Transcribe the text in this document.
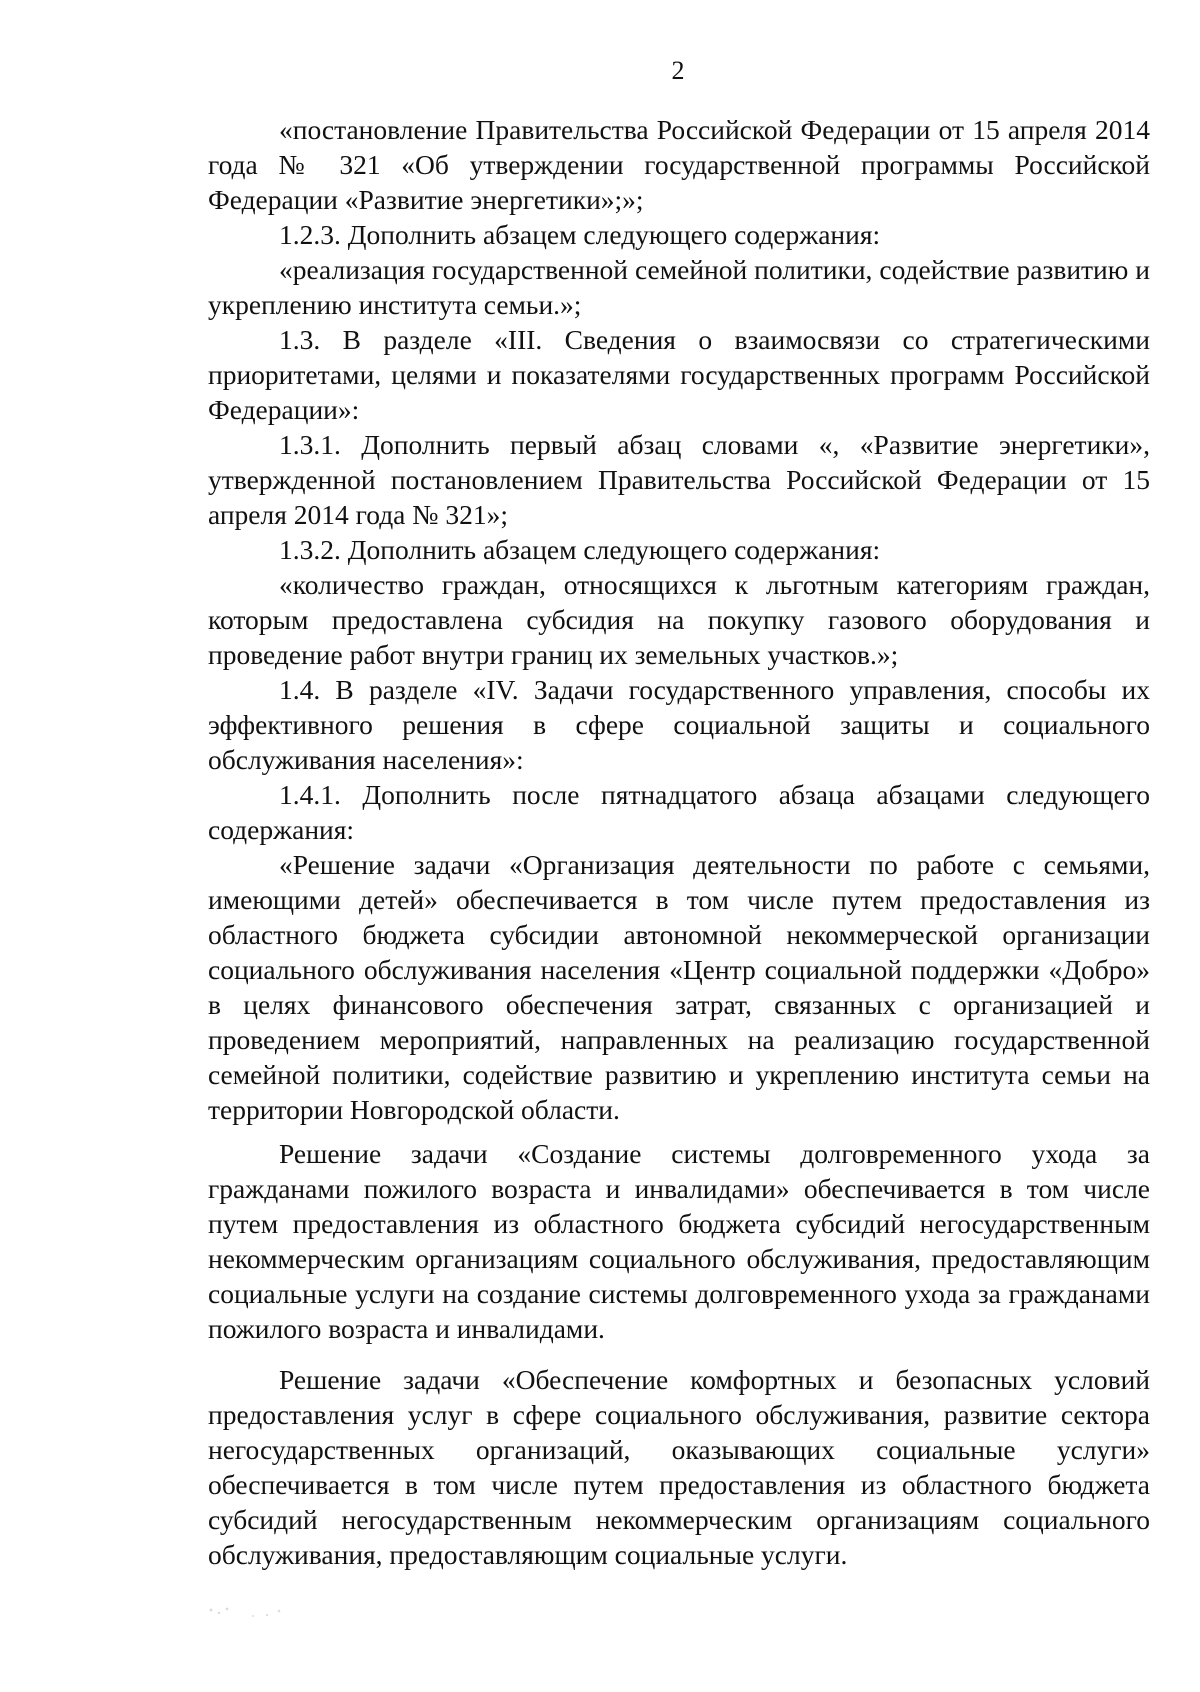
2

«постановление Правительства Российской Федерации от 15 апреля 2014 года № 321 «Об утверждении государственной программы Российской Федерации «Развитие энергетики»;»;

1.2.3. Дополнить абзацем следующего содержания:

«реализация государственной семейной политики, содействие развитию и укреплению института семьи.»;

1.3. В разделе «III. Сведения о взаимосвязи со стратегическими приоритетами, целями и показателями государственных программ Российской Федерации»:

1.3.1. Дополнить первый абзац словами «, «Развитие энергетики», утвержденной постановлением Правительства Российской Федерации от 15 апреля 2014 года № 321»;

1.3.2. Дополнить абзацем следующего содержания:

«количество граждан, относящихся к льготным категориям граждан, которым предоставлена субсидия на покупку газового оборудования и проведение работ внутри границ их земельных участков.»;

1.4. В разделе «IV. Задачи государственного управления, способы их эффективного решения в сфере социальной защиты и социального обслуживания населения»:

1.4.1. Дополнить после пятнадцатого абзаца абзацами следующего содержания:

«Решение задачи «Организация деятельности по работе с семьями, имеющими детей» обеспечивается в том числе путем предоставления из областного бюджета субсидии автономной некоммерческой организации социального обслуживания населения «Центр социальной поддержки «Добро» в целях финансового обеспечения затрат, связанных с организацией и проведением мероприятий, направленных на реализацию государственной семейной политики, содействие развитию и укреплению института семьи на территории Новгородской области.

Решение задачи «Создание системы долговременного ухода за гражданами пожилого возраста и инвалидами» обеспечивается в том числе путем предоставления из областного бюджета субсидий негосударственным некоммерческим организациям социального обслуживания, предоставляющим социальные услуги на создание системы долговременного ухода за гражданами пожилого возраста и инвалидами.

Решение задачи «Обеспечение комфортных и безопасных условий предоставления услуг в сфере социального обслуживания, развитие сектора негосударственных организаций, оказывающих социальные услуги» обеспечивается в том числе путем предоставления из областного бюджета субсидий негосударственным некоммерческим организациям социального обслуживания, предоставляющим социальные услуги.
